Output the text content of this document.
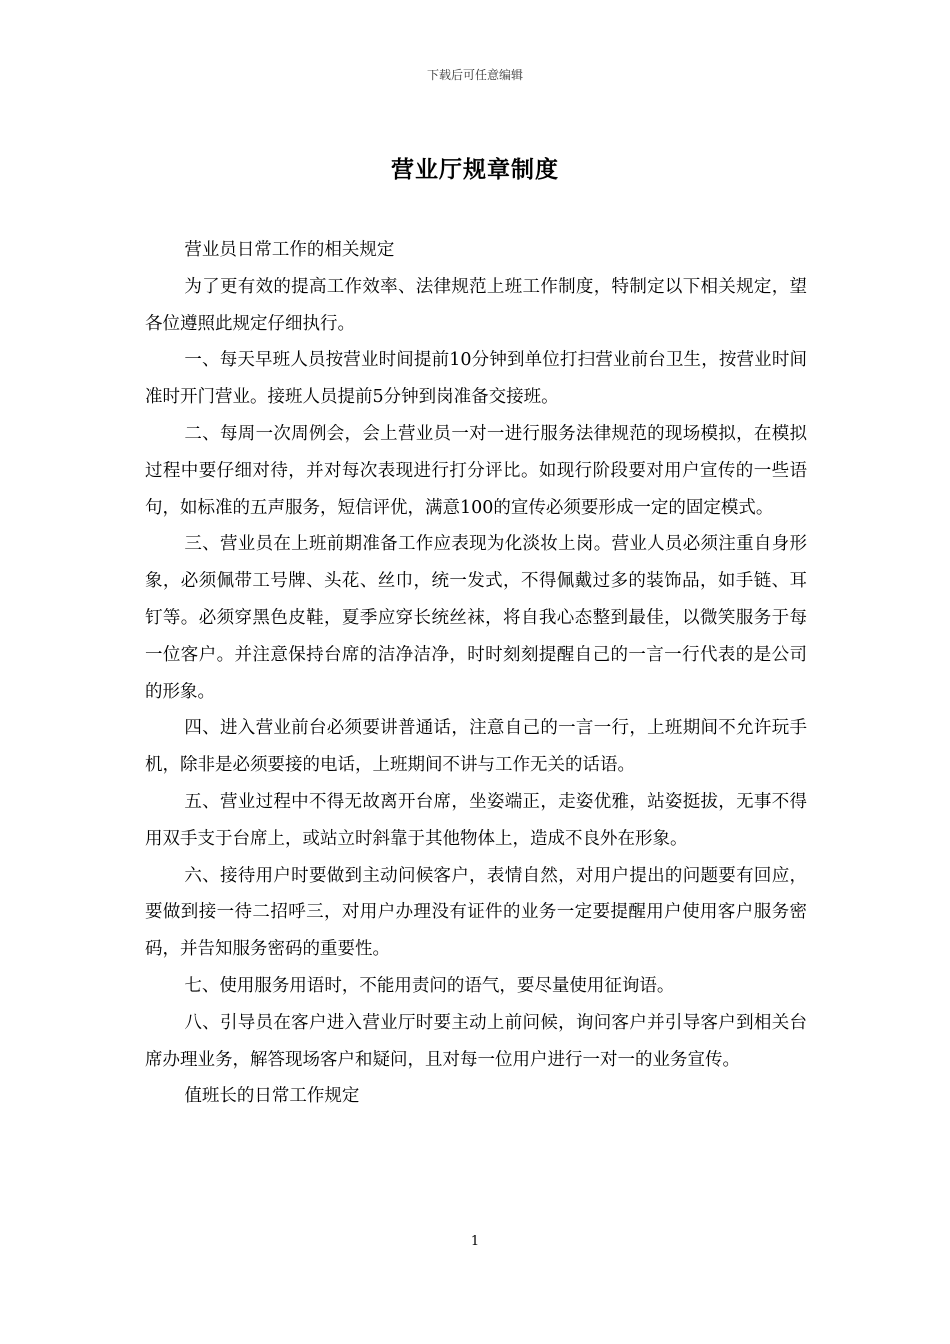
下载后可任意编辑
营业厅规章制度

营业员日常工作的相关规定

为了更有效的提高工作效率、法律规范上班工作制度，特制定以下相关规定，望各位遵照此规定仔细执行。

一、每天早班人员按营业时间提前10分钟到单位打扫营业前台卫生，按营业时间准时开门营业。接班人员提前5分钟到岗准备交接班。

二、每周一次周例会，会上营业员一对一进行服务法律规范的现场模拟，在模拟过程中要仔细对待，并对每次表现进行打分评比。如现行阶段要对用户宣传的一些语句，如标准的五声服务，短信评优，满意100的宣传必须要形成一定的固定模式。

三、营业员在上班前期准备工作应表现为化淡妆上岗。营业人员必须注重自身形象，必须佩带工号牌、头花、丝巾，统一发式，不得佩戴过多的装饰品，如手链、耳钉等。必须穿黑色皮鞋，夏季应穿长统丝袜，将自我心态整到最佳，以微笑服务于每一位客户。并注意保持台席的洁净洁净，时时刻刻提醒自己的一言一行代表的是公司的形象。

四、进入营业前台必须要讲普通话，注意自己的一言一行，上班期间不允许玩手机，除非是必须要接的电话，上班期间不讲与工作无关的话语。

五、营业过程中不得无故离开台席，坐姿端正，走姿优雅，站姿挺拔，无事不得用双手支于台席上，或站立时斜靠于其他物体上，造成不良外在形象。

六、接待用户时要做到主动问候客户，表情自然，对用户提出的问题要有回应，要做到接一待二招呼三，对用户办理没有证件的业务一定要提醒用户使用客户服务密码，并告知服务密码的重要性。

七、使用服务用语时，不能用责问的语气，要尽量使用征询语。

八、引导员在客户进入营业厅时要主动上前问候，询问客户并引导客户到相关台席办理业务，解答现场客户和疑问，且对每一位用户进行一对一的业务宣传。

值班长的日常工作规定

1
